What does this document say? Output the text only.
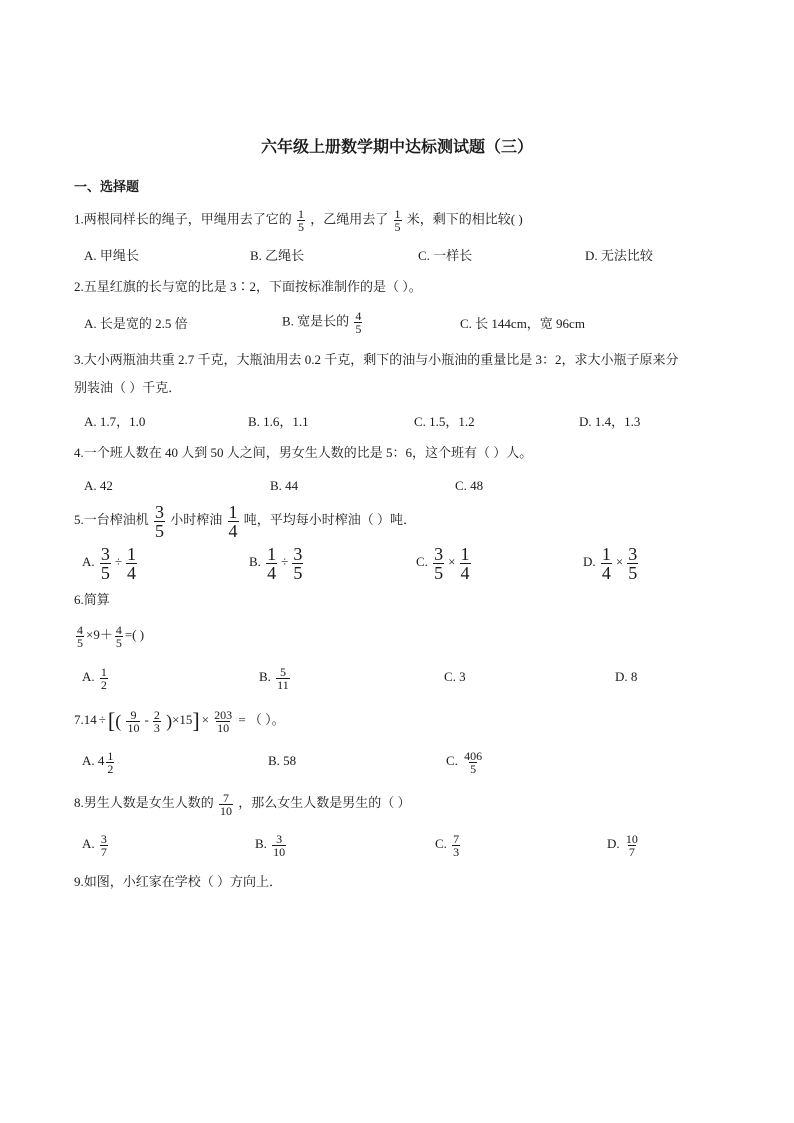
六年级上册数学期中达标测试题（三）
一、选择题
1.两根同样长的绳子，甲绳用去了它的 $\frac{1}{5}$ ，乙绳用去了 $\frac{1}{5}$ 米，剩下的相比较( )
A. 甲绳长	B. 乙绳长	C. 一样长	D. 无法比较
2.五星红旗的长与宽的比是 3∶2，下面按标准制作的是（ ）。
A. 长是宽的 2.5 倍	B. 宽是长的 $\frac{4}{5}$	C. 长 144cm，宽 96cm
3.大小两瓶油共重 2.7 千克，大瓶油用去 0.2 千克，剩下的油与小瓶油的重量比是 3：2，求大小瓶子原来分
别装油（ ）千克．
A. 1.7，1.0	B. 1.6，1.1	C. 1.5，1.2	D. 1.4，1.3
4.一个班人数在 40 人到 50 人之间，男女生人数的比是 5：6，这个班有（ ）人。
A. 42	B. 44	C. 48
5.一台榨油机 $\frac{3}{5}$ 小时榨油 $\frac{1}{4}$ 吨，平均每小时榨油（ ）吨．
A. $\frac{3}{5} \div \frac{1}{4}$	B. $\frac{1}{4} \div \frac{3}{5}$	C. $\frac{3}{5} \times \frac{1}{4}$	D. $\frac{1}{4} \times \frac{3}{5}$
6.简算
$\frac{4}{5} \times 9+ \frac{4}{5}$ =( )
A. $\frac{1}{2}$	B. $\frac{5}{11}$	C. 3	D. 8
7.14 ÷[( $\frac{9}{10} - \frac{2}{3} )\times 15] \times \frac{203}{10}$ = （ ）。
A. $4 \frac{1}{2}$	B. 58	C. $\frac{406}{5}$
8.男生人数是女生人数的 $\frac{7}{10}$ ，那么女生人数是男生的（ ）
A. $\frac{3}{7}$	B. $\frac{3}{10}$	C. $\frac{7}{3}$	D. $\frac{10}{7}$
9.如图，小红家在学校（ ）方向上．
